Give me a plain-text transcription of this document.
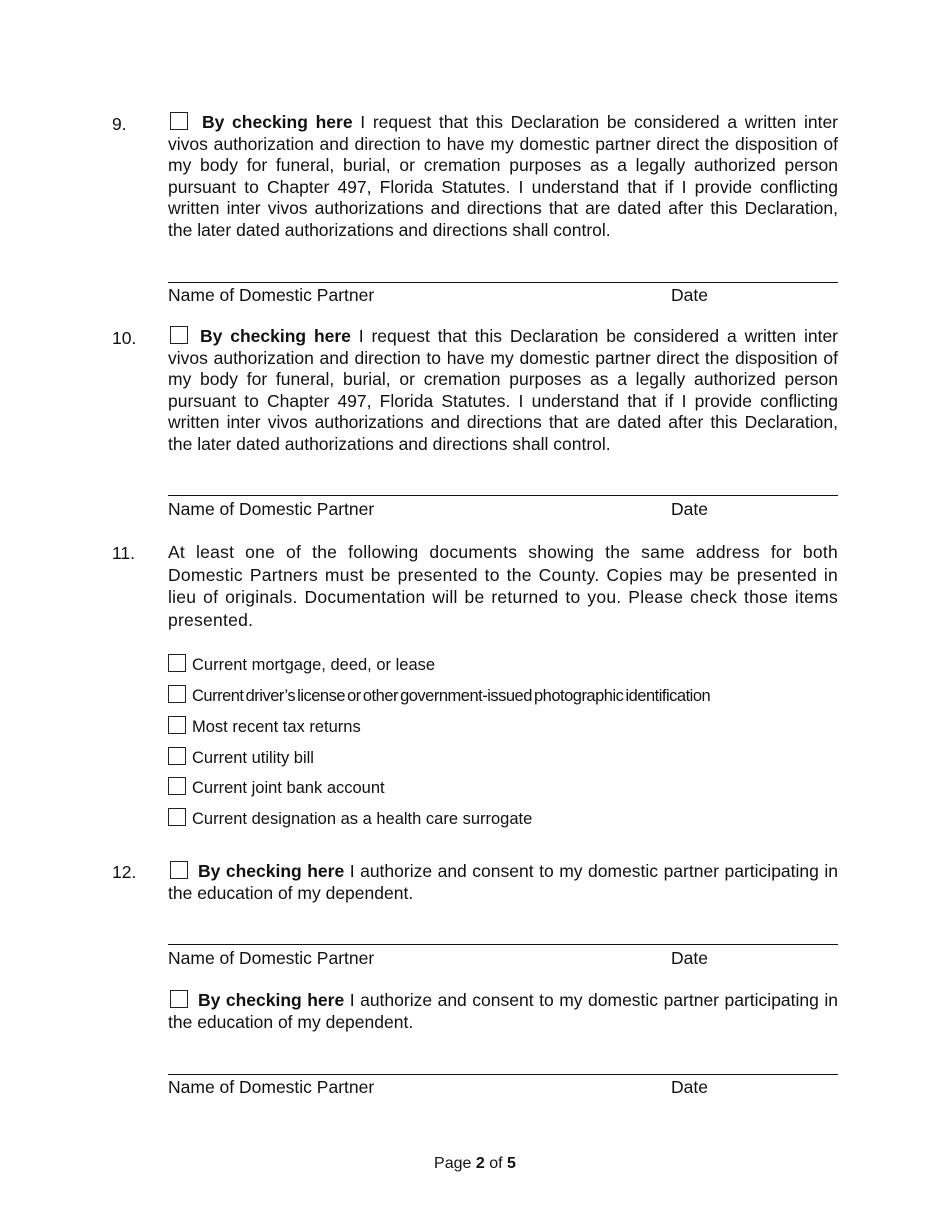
9.	By checking here I request that this Declaration be considered a written inter vivos authorization and direction to have my domestic partner direct the disposition of my body for funeral, burial, or cremation purposes as a legally authorized person pursuant to Chapter 497, Florida Statutes. I understand that if I provide conflicting written inter vivos authorizations and directions that are dated after this Declaration, the later dated authorizations and directions shall control.
Name of Domestic Partner	Date
10.	By checking here I request that this Declaration be considered a written inter vivos authorization and direction to have my domestic partner direct the disposition of my body for funeral, burial, or cremation purposes as a legally authorized person pursuant to Chapter 497, Florida Statutes. I understand that if I provide conflicting written inter vivos authorizations and directions that are dated after this Declaration, the later dated authorizations and directions shall control.
Name of Domestic Partner	Date
11. At least one of the following documents showing the same address for both Domestic Partners must be presented to the County. Copies may be presented in lieu of originals. Documentation will be returned to you. Please check those items presented.
Current mortgage, deed, or lease
Current driver’s license or other government-issued photographic identification
Most recent tax returns
Current utility bill
Current joint bank account
Current designation as a health care surrogate
12.	By checking here I authorize and consent to my domestic partner participating in the education of my dependent.
Name of Domestic Partner	Date
By checking here I authorize and consent to my domestic partner participating in the education of my dependent.
Name of Domestic Partner	Date
Page 2 of 5
